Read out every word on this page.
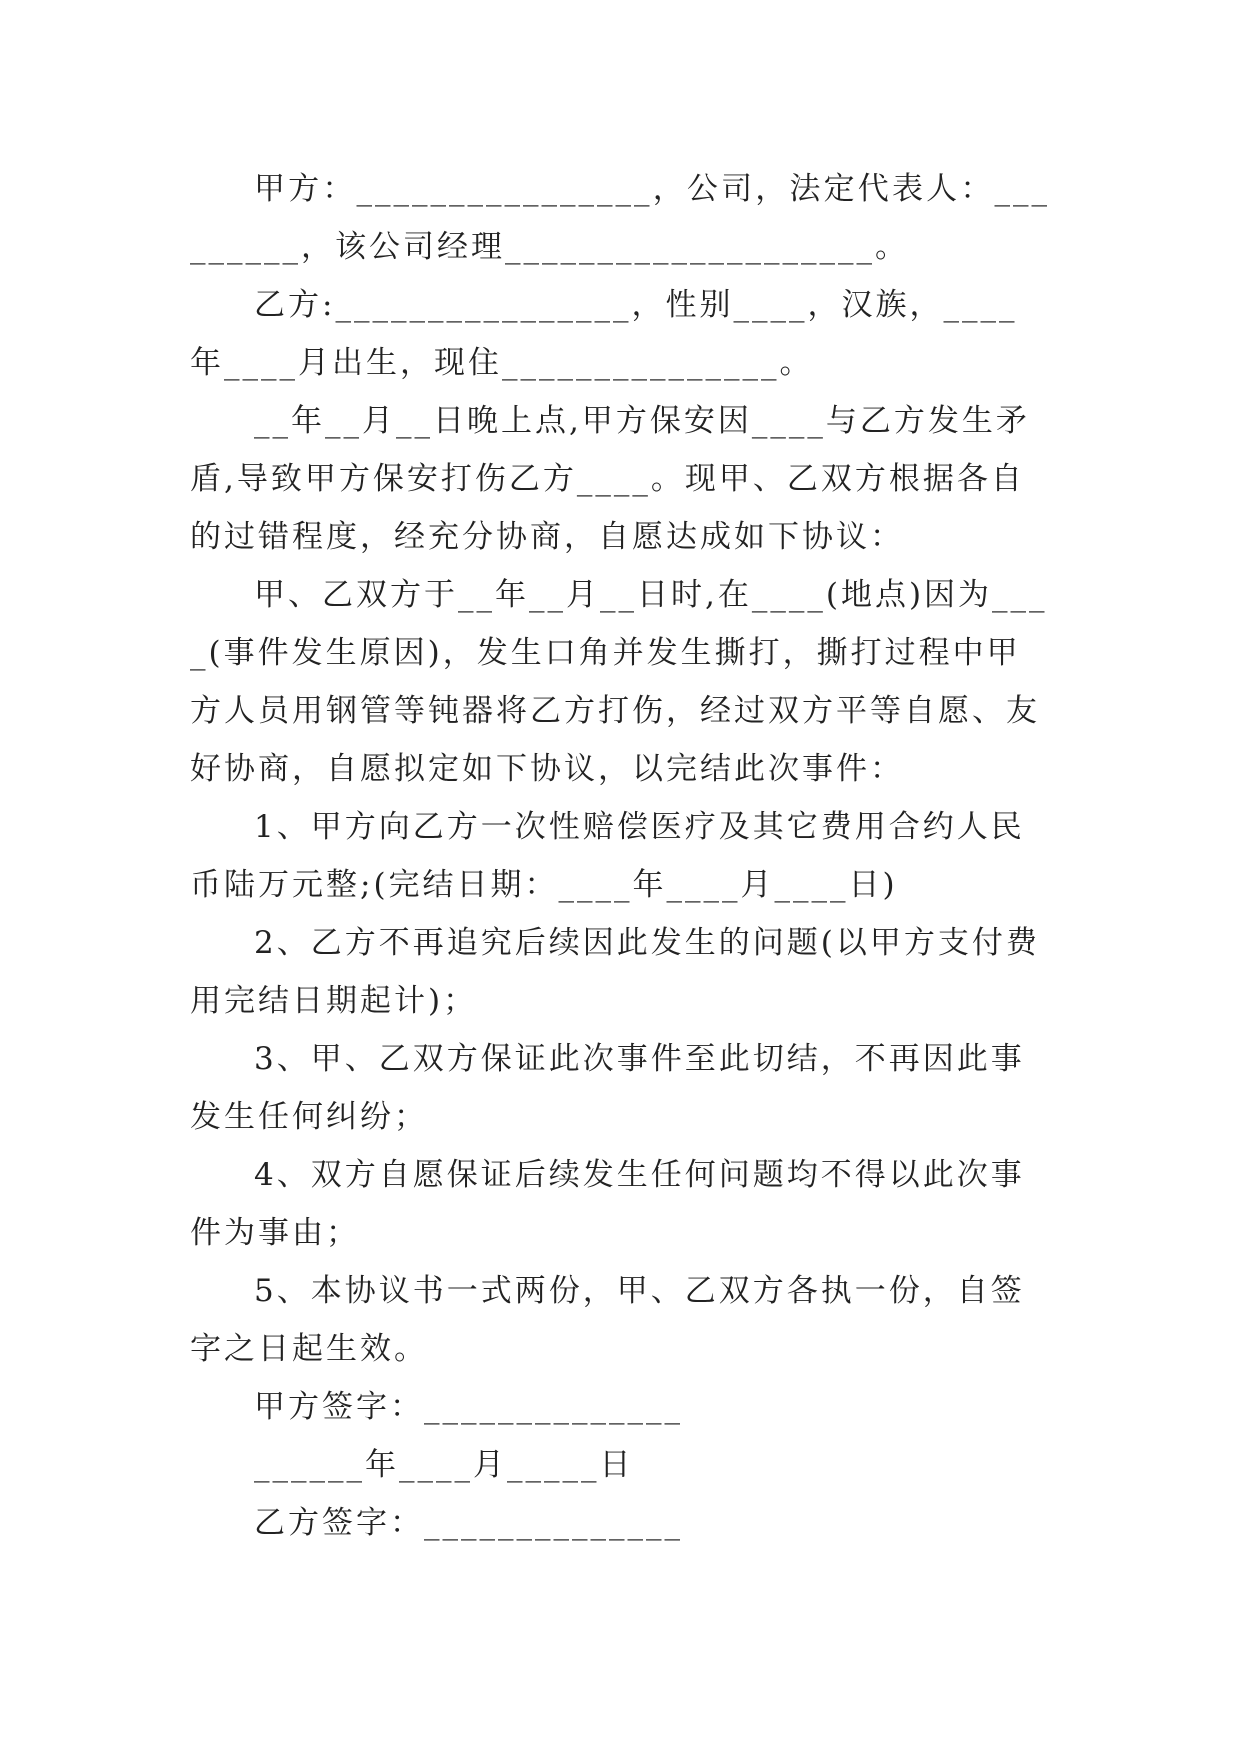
甲方：________________，公司，法定代表人：_________，该公司经理____________________。

乙方:________________，性别____，汉族，____年____月出生，现住_______________。

__年__月__日晚上点,甲方保安因____与乙方发生矛盾,导致甲方保安打伤乙方____。现甲、乙双方根据各自的过错程度，经充分协商，自愿达成如下协议：

甲、乙双方于__年__月__日时,在____(地点)因为____(事件发生原因)，发生口角并发生撕打，撕打过程中甲方人员用钢管等钝器将乙方打伤，经过双方平等自愿、友好协商，自愿拟定如下协议，以完结此次事件：

1、甲方向乙方一次性赔偿医疗及其它费用合约人民币陆万元整;(完结日期：____年____月____日)

2、乙方不再追究后续因此发生的问题(以甲方支付费用完结日期起计)；

3、甲、乙双方保证此次事件至此切结，不再因此事发生任何纠纷；

4、双方自愿保证后续发生任何问题均不得以此次事件为事由；

5、本协议书一式两份，甲、乙双方各执一份，自签字之日起生效。

甲方签字：______________

______年____月_____日

乙方签字：______________
